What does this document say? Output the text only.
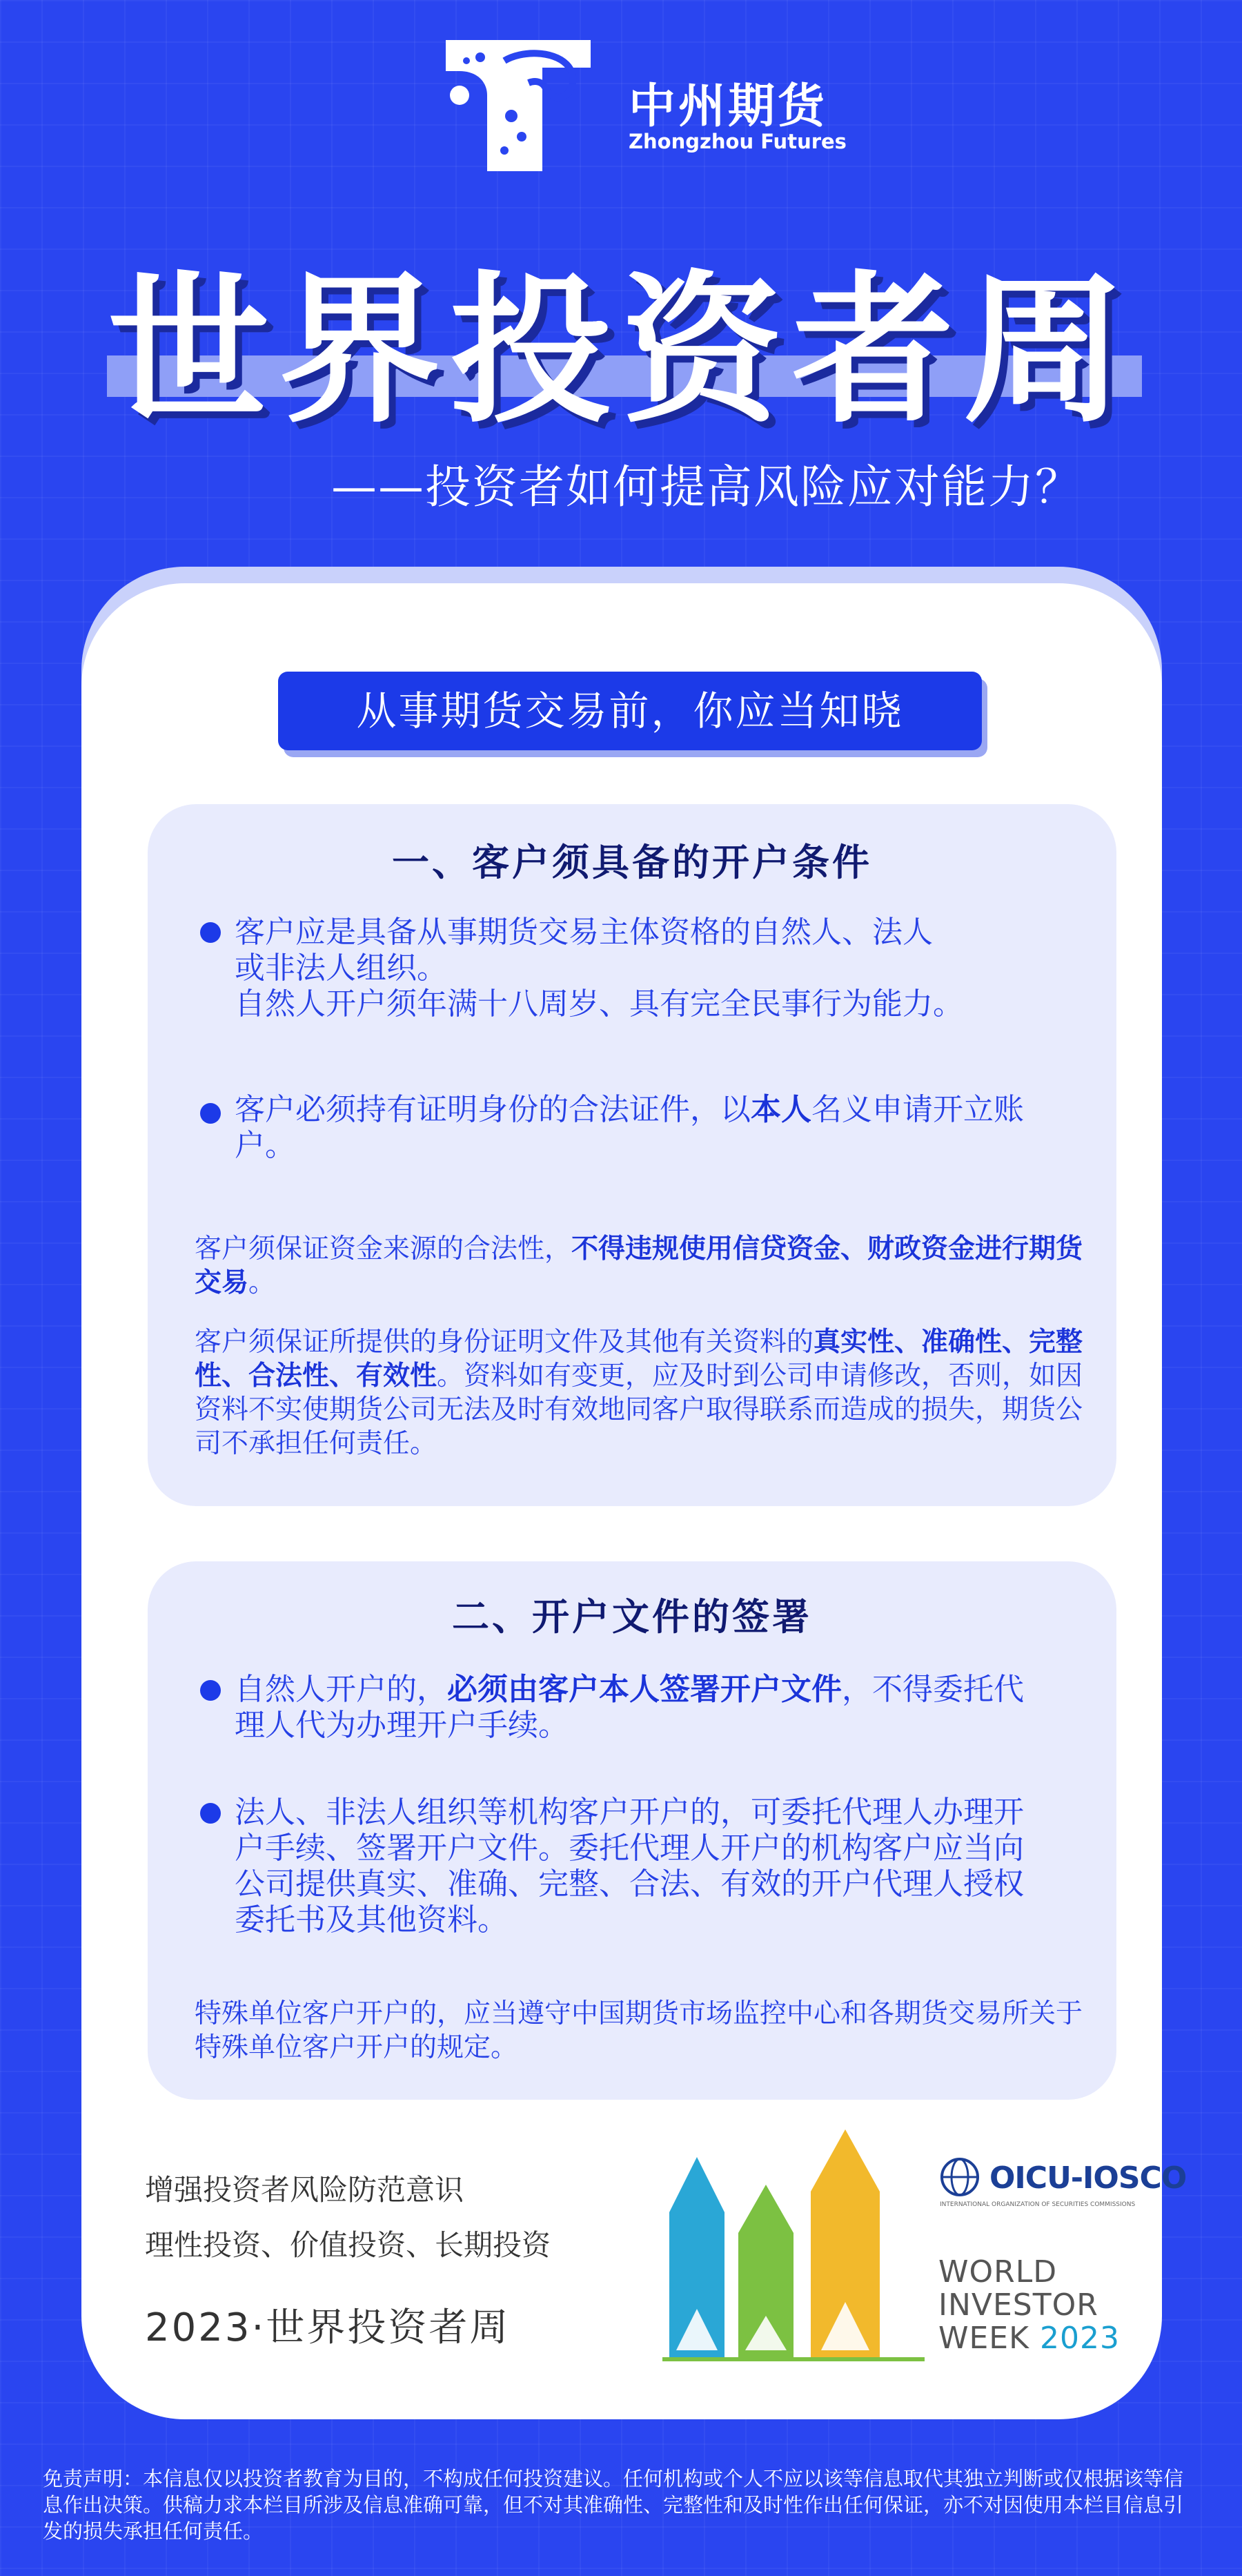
中州期货
Zhongzhou Futures
世界投资者周
——投资者如何提高风险应对能力？
从事期货交易前，你应当知晓
一、客户须具备的开户条件
客户应是具备从事期货交易主体资格的自然人、法人
或非法人组织。
自然人开户须年满十八周岁、具有完全民事行为能力。
客户必须持有证明身份的合法证件，以本人名义申请开立账户。
客户须保证资金来源的合法性，不得违规使用信贷资金、财政资金进行期货交易。
客户须保证所提供的身份证明文件及其他有关资料的真实性、准确性、完整性、合法性、有效性。资料如有变更，应及时到公司申请修改，否则，如因资料不实使期货公司无法及时有效地同客户取得联系而造成的损失，期货公司不承担任何责任。
二、开户文件的签署
自然人开户的，必须由客户本人签署开户文件，不得委托代理人代为办理开户手续。
法人、非法人组织等机构客户开户的，可委托代理人办理开户手续、签署开户文件。委托代理人开户的机构客户应当向公司提供真实、准确、完整、合法、有效的开户代理人授权委托书及其他资料。
特殊单位客户开户的，应当遵守中国期货市场监控中心和各期货交易所关于特殊单位客户开户的规定。
增强投资者风险防范意识
理性投资、价值投资、长期投资
2023·世界投资者周
OICU-IOSCO
INTERNATIONAL ORGANIZATION OF SECURITIES COMMISSIONS
WORLD
INVESTOR
WEEK 2023
免责声明：本信息仅以投资者教育为目的，不构成任何投资建议。任何机构或个人不应以该等信息取代其独立判断或仅根据该等信息作出决策。供稿力求本栏目所涉及信息准确可靠，但不对其准确性、完整性和及时性作出任何保证，亦不对因使用本栏目信息引发的损失承担任何责任。
